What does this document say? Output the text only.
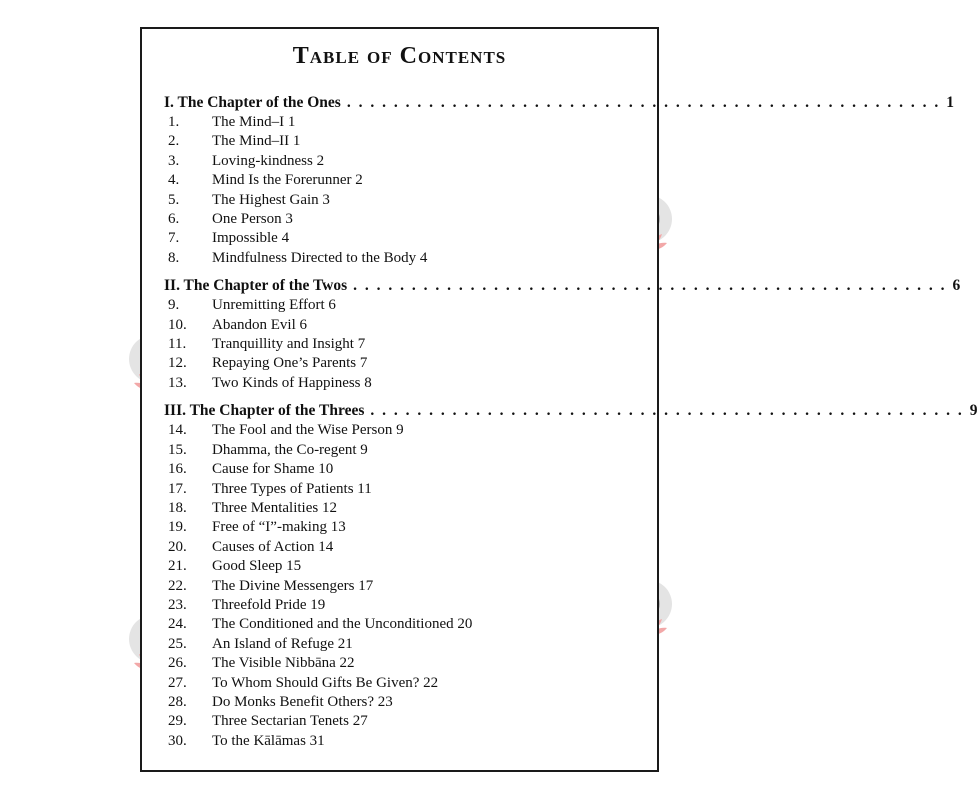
Table of Contents
I. The Chapter of the Ones . . . . . . . . . . . . . . . . . . . . . . . . . . . . . . . . . . . . . . . . . . . . . . . . . . . 1
1.	The Mind–I 1
2.	The Mind–II 1
3.	Loving-kindness 2
4.	Mind Is the Forerunner 2
5.	The Highest Gain 3
6.	One Person 3
7.	Impossible 4
8.	Mindfulness Directed to the Body 4
II. The Chapter of the Twos . . . . . . . . . . . . . . . . . . . . . . . . . . . . . . . . . . . . . . . . . . . . . . . . . . . 6
9.	Unremitting Effort 6
10.	Abandon Evil 6
11.	Tranquillity and Insight 7
12.	Repaying One’s Parents 7
13.	Two Kinds of Happiness 8
III. The Chapter of the Threes . . . . . . . . . . . . . . . . . . . . . . . . . . . . . . . . . . . . . . . . . . . . . . . . . . . 9
14.	The Fool and the Wise Person 9
15.	Dhamma, the Co-regent 9
16.	Cause for Shame 10
17.	Three Types of Patients 11
18.	Three Mentalities 12
19.	Free of “I”-making 13
20.	Causes of Action 14
21.	Good Sleep 15
22.	The Divine Messengers 17
23.	Threefold Pride 19
24.	The Conditioned and the Unconditioned 20
25.	An Island of Refuge 21
26.	The Visible Nibbāna 22
27.	To Whom Should Gifts Be Given? 22
28.	Do Monks Benefit Others? 23
29.	Three Sectarian Tenets 27
30.	To the Kālāmas 31
